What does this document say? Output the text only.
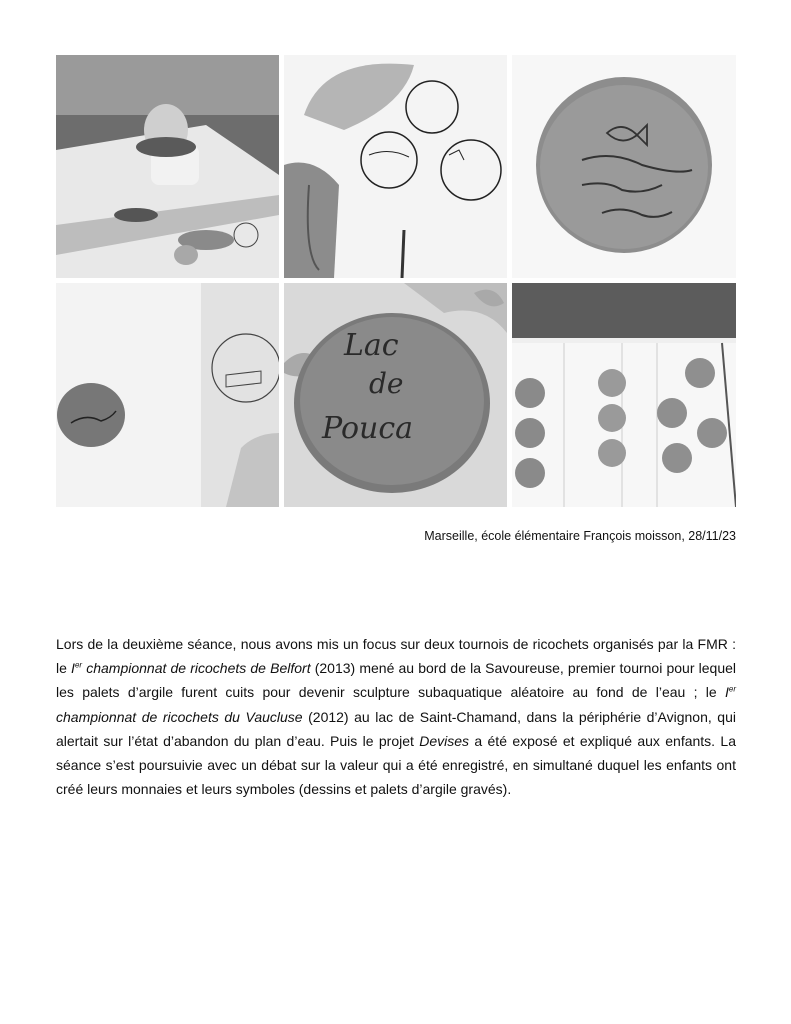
Lac
de
Pouca
Marseille, école élémentaire François moisson, 28/11/23

Lors de la deuxième séance, nous avons mis un focus sur deux tournois de ricochets organisés par la FMR : le Ier championnat de ricochets de Belfort (2013) mené au bord de la Savoureuse, premier tournoi pour lequel les palets d’argile furent cuits pour devenir sculpture subaquatique aléatoire au fond de l’eau ; le Ier championnat de ricochets du Vaucluse (2012) au lac de Saint-Chamand, dans la périphérie d’Avignon, qui alertait sur l’état d’abandon du plan d’eau. Puis le projet Devises a été exposé et expliqué aux enfants. La séance s’est poursuivie avec un débat sur la valeur qui a été enregistré, en simultané duquel les enfants ont créé leurs monnaies et leurs symboles (dessins et palets d’argile gravés).
